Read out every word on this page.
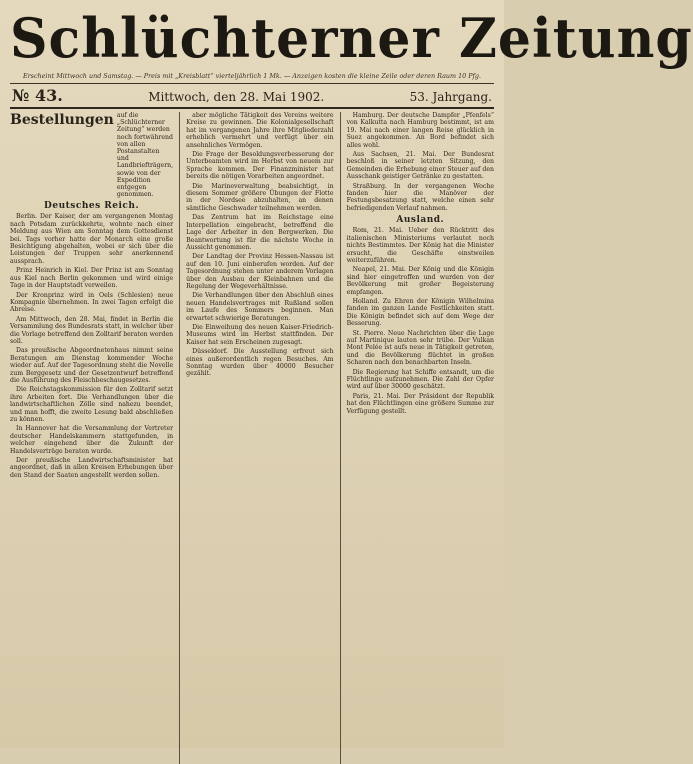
Schlüchterner Zeitung
Erscheint Mittwoch und Samstag. — Preis mit „Kreisblatt“ vierteljährlich 1 Mk. — Anzeigen kosten die kleine Zeile oder deren Raum 10 Pfg.
№ 43.	Mittwoch, den 28. Mai 1902.	53. Jahrgang.
Bestellungen auf die „Schlüchterner Zeitung“ werden noch fortwährend von allen Postanstalten und Landbriefträgern, sowie von der Expedition entgegen genommen.
Deutsches Reich.

Berlin. Der Kaiser, der am vergangenen Montag nach Potsdam zurückkehrte, wohnte nach einer Meldung aus Wien am Sonntag dem Gottesdienst bei. Tags vorher hatte der Monarch eine große Besichtigung abgehalten, wobei er sich über die Leistungen der Truppen sehr anerkennend aussprach.

Prinz Heinrich in Kiel. Der Prinz ist am Sonntag aus Kiel nach Berlin gekommen und wird einige Tage in der Hauptstadt verweilen.

Der Kronprinz wird in Oels (Schlesien) neue Kompagnie übernehmen. In zwei Tagen erfolgt die Abreise.

Am Mittwoch, den 28. Mai, findet in Berlin die Versammlung des Bundesrats statt, in welcher über die Vorlage betreffend den Zolltarif beraten werden soll.

Das preußische Abgeordnetenhaus nimmt seine Beratungen am Dienstag kommender Woche wieder auf. Auf der Tagesordnung steht die Novelle zum Berggesetz und der Gesetzentwurf betreffend die Ausführung des Fleischbeschaugesetzes.

Die Reichstagskommission für den Zolltarif setzt ihre Arbeiten fort. Die Verhandlungen über die landwirtschaftlichen Zölle sind nahezu beendet, und man hofft, die zweite Lesung bald abschließen zu können.

In Hannover hat die Versammlung der Vertreter deutscher Handelskammern stattgefunden, in welcher eingehend über die Zukunft der Handelsverträge beraten wurde.

Der preußische Landwirtschaftsminister hat angeordnet, daß in allen Kreisen Erhebungen über den Stand der Saaten angestellt werden sollen.

aber mögliche Tätigkeit des Vereins weitere Kreise zu gewinnen. Die Kolonialgesellschaft hat im vergangenen Jahre ihre Mitgliederzahl erheblich vermehrt und verfügt über ein ansehnliches Vermögen.

Die Frage der Besoldungsverbesserung der Unterbeamten wird im Herbst von neuem zur Sprache kommen. Der Finanzminister hat bereits die nötigen Vorarbeiten angeordnet.

Die Marineverwaltung beabsichtigt, in diesem Sommer größere Übungen der Flotte in der Nordsee abzuhalten, an denen sämtliche Geschwader teilnehmen werden.

Das Zentrum hat im Reichstage eine Interpellation eingebracht, betreffend die Lage der Arbeiter in den Bergwerken. Die Beantwortung ist für die nächste Woche in Aussicht genommen.

Der Landtag der Provinz Hessen-Nassau ist auf den 10. Juni einberufen worden. Auf der Tagesordnung stehen unter anderem Vorlagen über den Ausbau der Kleinbahnen und die Regelung der Wegeverhältnisse.

Die Verhandlungen über den Abschluß eines neuen Handelsvertrages mit Rußland sollen im Laufe des Sommers beginnen. Man erwartet schwierige Beratungen.

Die Einweihung des neuen Kaiser-Friedrich-Museums wird im Herbst stattfinden. Der Kaiser hat sein Erscheinen zugesagt.

Düsseldorf. Die Ausstellung erfreut sich eines außerordentlich regen Besuches. Am Sonntag wurden über 40000 Besucher gezählt.

Hamburg. Der deutsche Dampfer „Pfenfels“ von Kalkutta nach Hamburg bestimmt, ist am 19. Mai nach einer langen Reise glücklich in Suez angekommen. An Bord befindet sich alles wohl.

Aus Sachsen, 21. Mai. Der Bundesrat beschloß in seiner letzten Sitzung, den Gemeinden die Erhebung einer Steuer auf den Ausschank geistiger Getränke zu gestatten.

Straßburg. In der vergangenen Woche fanden hier die Manöver der Festungsbesatzung statt, welche einen sehr befriedigenden Verlauf nahmen.

Ausland.

Rom, 21. Mai. Ueber den Rücktritt des italienischen Ministeriums verlautet noch nichts Bestimmtes. Der König hat die Minister ersucht, die Geschäfte einstweilen weiterzuführen.

Neapel, 21. Mai. Der König und die Königin sind hier eingetroffen und wurden von der Bevölkerung mit großer Begeisterung empfangen.

Holland. Zu Ehren der Königin Wilhelmina fanden im ganzen Lande Festlichkeiten statt. Die Königin befindet sich auf dem Wege der Besserung.

St. Pierre. Neue Nachrichten über die Lage auf Martinique lauten sehr trübe. Der Vulkan Mont Pelée ist aufs neue in Tätigkeit getreten, und die Bevölkerung flüchtet in großen Scharen nach den benachbarten Inseln.

Die Regierung hat Schiffe entsandt, um die Flüchtlinge aufzunehmen. Die Zahl der Opfer wird auf über 30000 geschätzt.

Paris, 21. Mai. Der Präsident der Republik hat den Flüchtlingen eine größere Summe zur Verfügung gestellt.
